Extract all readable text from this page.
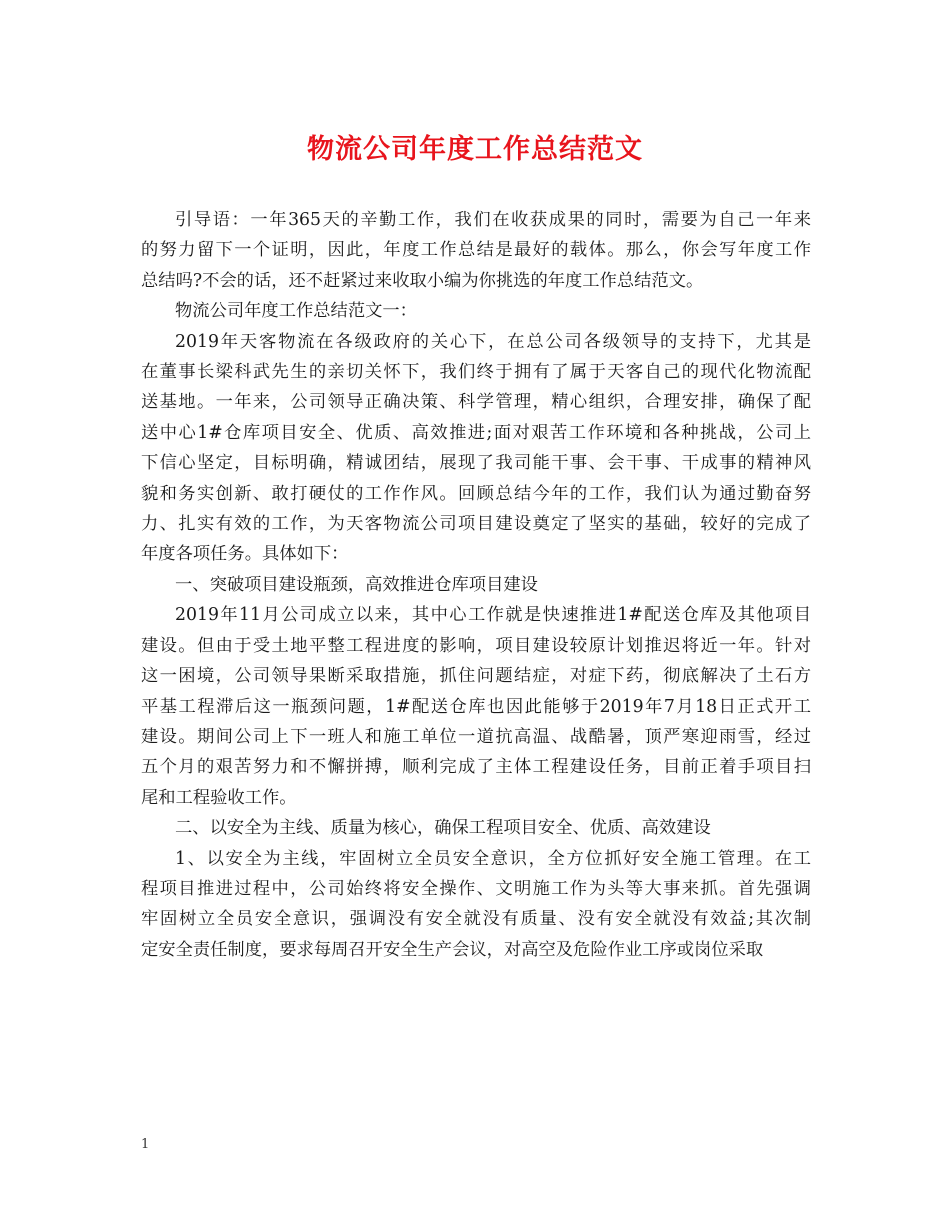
物流公司年度工作总结范文
引导语：一年365天的辛勤工作，我们在收获成果的同时，需要为自己一年来
的努力留下一个证明，因此，年度工作总结是最好的载体。那么，你会写年度工作
总结吗?不会的话，还不赶紧过来收取小编为你挑选的年度工作总结范文。
物流公司年度工作总结范文一：
2019年天客物流在各级政府的关心下，在总公司各级领导的支持下，尤其是
在董事长梁科武先生的亲切关怀下，我们终于拥有了属于天客自己的现代化物流配
送基地。一年来，公司领导正确决策、科学管理，精心组织，合理安排，确保了配
送中心1#仓库项目安全、优质、高效推进;面对艰苦工作环境和各种挑战，公司上
下信心坚定，目标明确，精诚团结，展现了我司能干事、会干事、干成事的精神风
貌和务实创新、敢打硬仗的工作作风。回顾总结今年的工作，我们认为通过勤奋努
力、扎实有效的工作，为天客物流公司项目建设奠定了坚实的基础，较好的完成了
年度各项任务。具体如下：
一、突破项目建设瓶颈，高效推进仓库项目建设
2019年11月公司成立以来，其中心工作就是快速推进1#配送仓库及其他项目
建设。但由于受土地平整工程进度的影响，项目建设较原计划推迟将近一年。针对
这一困境，公司领导果断采取措施，抓住问题结症，对症下药，彻底解决了土石方
平基工程滞后这一瓶颈问题，1#配送仓库也因此能够于2019年7月18日正式开工
建设。期间公司上下一班人和施工单位一道抗高温、战酷暑，顶严寒迎雨雪，经过
五个月的艰苦努力和不懈拼搏，顺利完成了主体工程建设任务，目前正着手项目扫
尾和工程验收工作。
二、以安全为主线、质量为核心，确保工程项目安全、优质、高效建设
1、以安全为主线，牢固树立全员安全意识，全方位抓好安全施工管理。在工
程项目推进过程中，公司始终将安全操作、文明施工作为头等大事来抓。首先强调
牢固树立全员安全意识，强调没有安全就没有质量、没有安全就没有效益;其次制
定安全责任制度，要求每周召开安全生产会议，对高空及危险作业工序或岗位采取
1
